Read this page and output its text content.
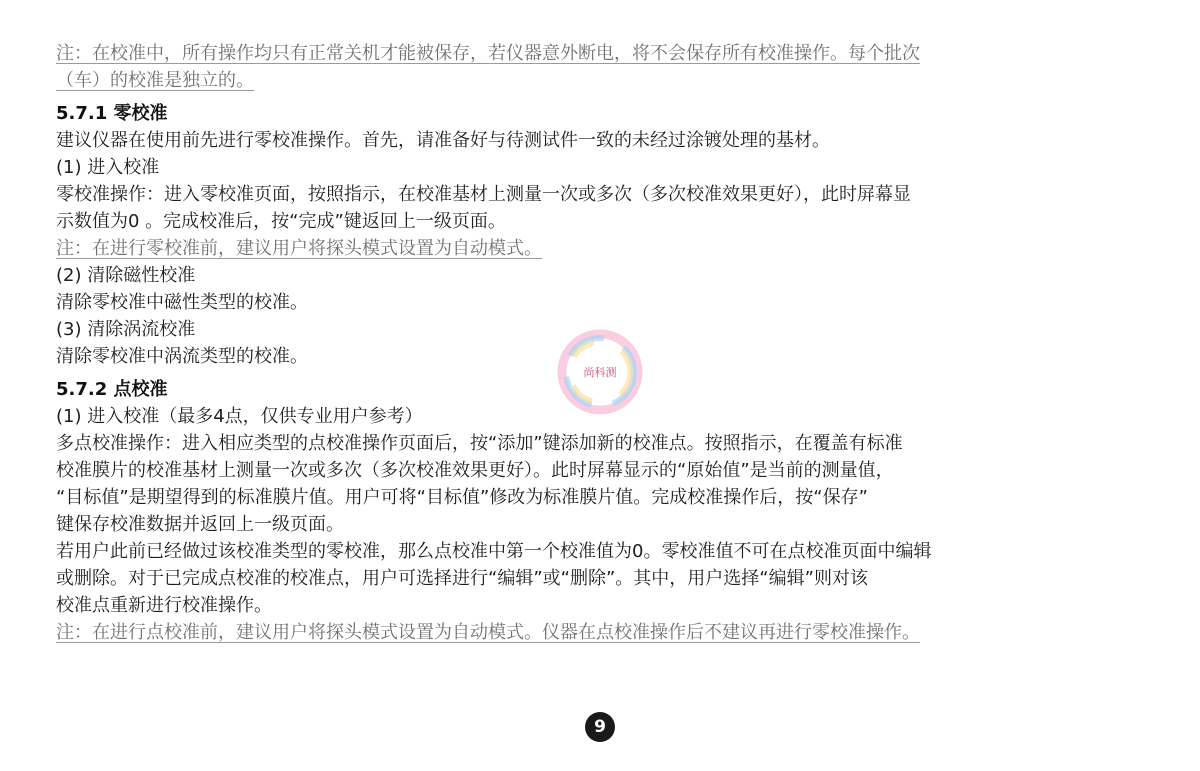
注：在校准中，所有操作均只有正常关机才能被保存，若仪器意外断电，将不会保存所有校准操作。每个批次
（车）的校准是独立的。
5.7.1 零校准
建议仪器在使用前先进行零校准操作。首先，请准备好与待测试件一致的未经过涂镀处理的基材。
(1) 进入校准
零校准操作：进入零校准页面，按照指示，在校准基材上测量一次或多次（多次校准效果更好），此时屏幕显
示数值为0 。完成校准后，按“完成”键返回上一级页面。
注：在进行零校准前，建议用户将探头模式设置为自动模式。
(2) 清除磁性校准
清除零校准中磁性类型的校准。
(3) 清除涡流校准
清除零校准中涡流类型的校准。
5.7.2 点校准
(1) 进入校准（最多4点，仅供专业用户参考）
多点校准操作：进入相应类型的点校准操作页面后，按“添加”键添加新的校准点。按照指示，在覆盖有标准
校准膜片的校准基材上测量一次或多次（多次校准效果更好）。此时屏幕显示的“原始值”是当前的测量值，
“目标值”是期望得到的标准膜片值。用户可将“目标值”修改为标准膜片值。完成校准操作后，按“保存”
键保存校准数据并返回上一级页面。
若用户此前已经做过该校准类型的零校准，那么点校准中第一个校准值为0。零校准值不可在点校准页面中编辑
或删除。对于已完成点校准的校准点，用户可选择进行“编辑”或“删除”。其中，用户选择“编辑”则对该
校准点重新进行校准操作。
注：在进行点校准前，建议用户将探头模式设置为自动模式。仪器在点校准操作后不建议再进行零校准操作。
尚科测
9
